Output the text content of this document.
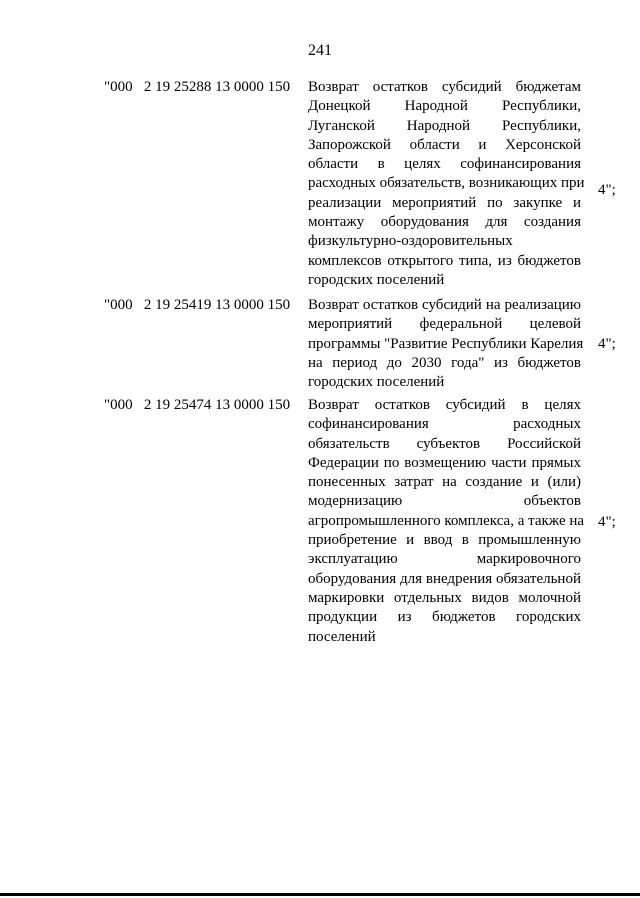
241
"000   2 19 25288 13 0000 150 Возврат остатков субсидий бюджетам
Донецкой Народной Республики,
Луганской Народной Республики,
Запорожской области и Херсонской
области в целях софинансирования
расходных обязательств, возникающих при
реализации мероприятий по закупке и
монтажу оборудования для создания
физкультурно-оздоровительных
комплексов открытого типа, из бюджетов
городских поселений
4";
"000   2 19 25419 13 0000 150 Возврат остатков субсидий на реализацию
мероприятий федеральной целевой
программы "Развитие Республики Карелия
на период до 2030 года" из бюджетов
городских поселений
4";
"000   2 19 25474 13 0000 150 Возврат остатков субсидий в целях
софинансирования расходных
обязательств субъектов Российской
Федерации по возмещению части прямых
понесенных затрат на создание и (или)
модернизацию объектов
агропромышленного комплекса, а также на
приобретение и ввод в промышленную
эксплуатацию маркировочного
оборудования для внедрения обязательной
маркировки отдельных видов молочной
продукции из бюджетов городских
поселений
4";
